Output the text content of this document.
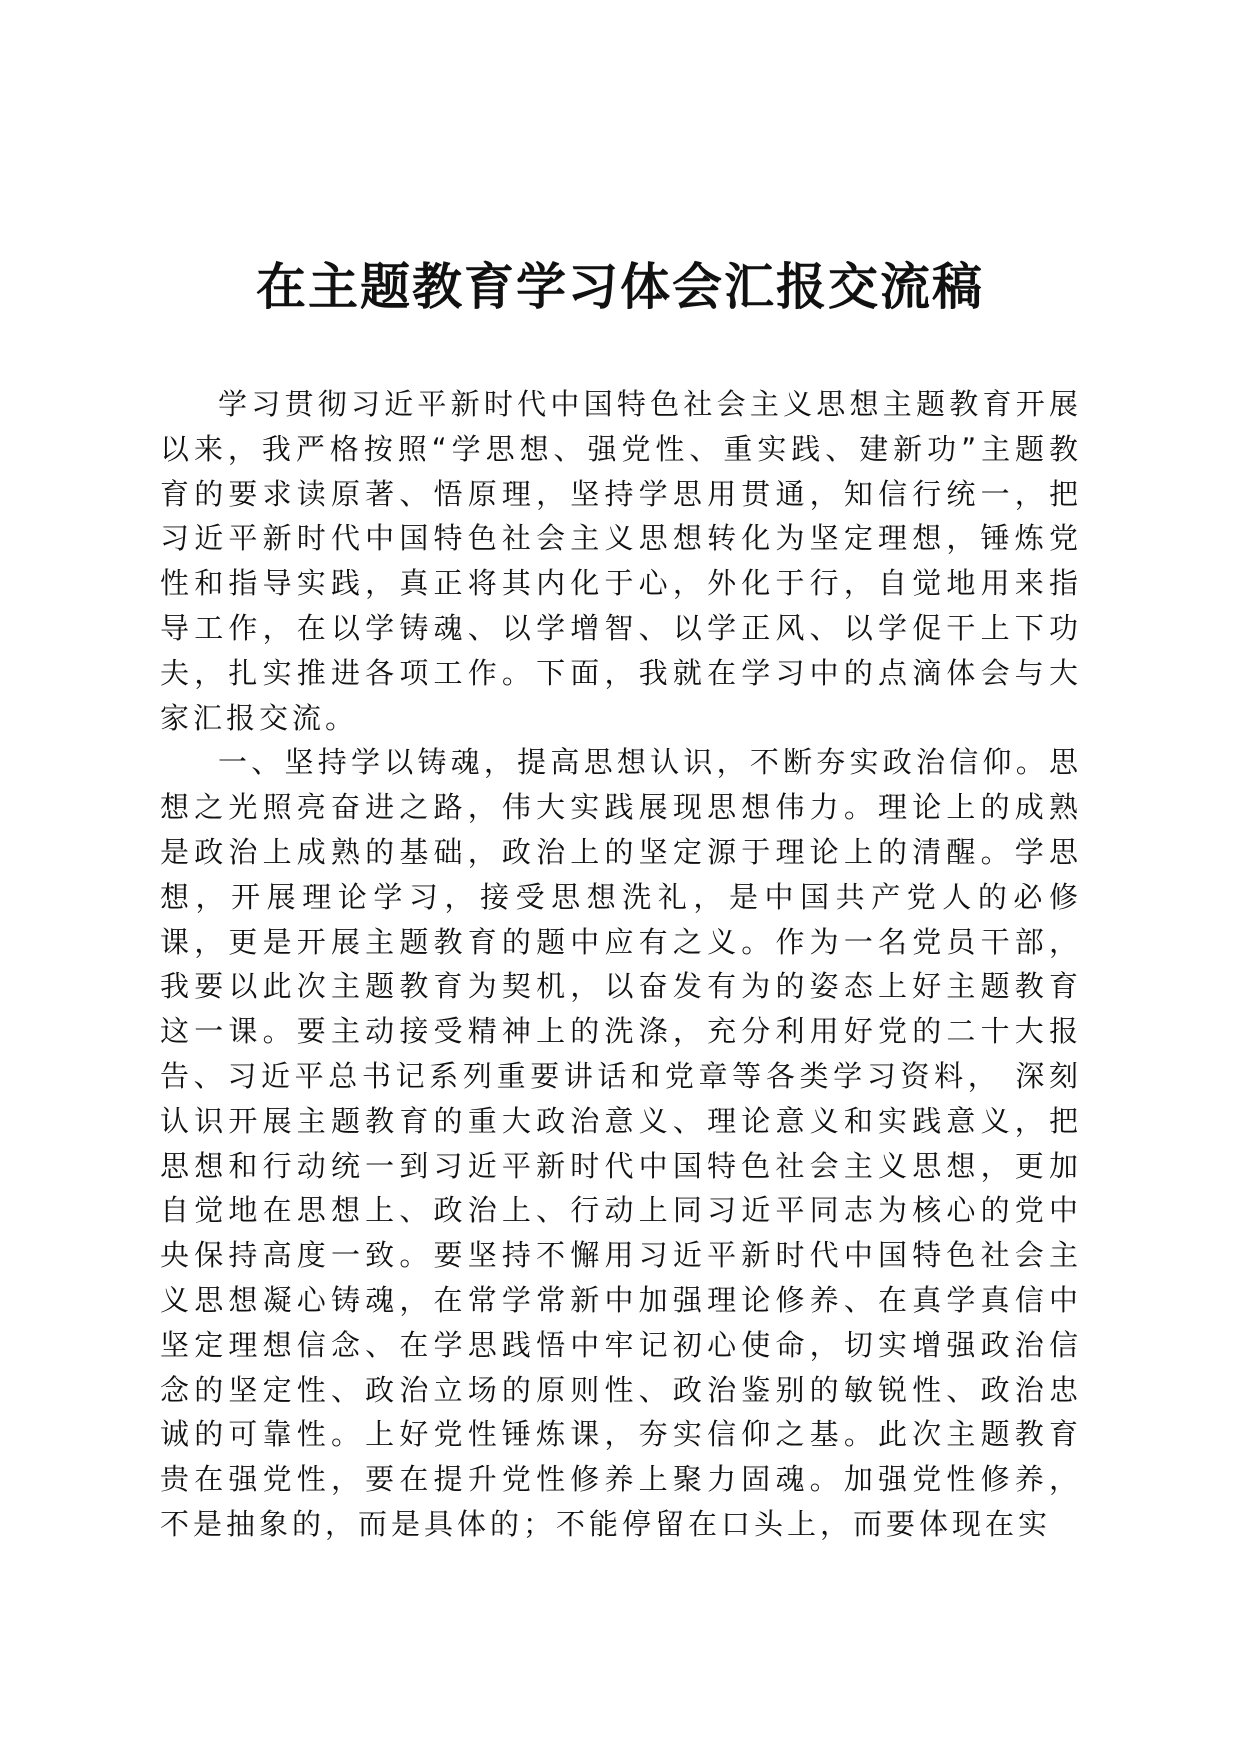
在主题教育学习体会汇报交流稿

学习贯彻习近平新时代中国特色社会主义思想主题教育开展以来，我严格按照“学思想、强党性、重实践、建新功”主题教育的要求读原著、悟原理，坚持学思用贯通，知信行统一，把习近平新时代中国特色社会主义思想转化为坚定理想，锤炼党性和指导实践，真正将其内化于心，外化于行，自觉地用来指导工作，在以学铸魂、以学增智、以学正风、以学促干上下功夫，扎实推进各项工作。下面，我就在学习中的点滴体会与大家汇报交流。

一、坚持学以铸魂，提高思想认识，不断夯实政治信仰。思想之光照亮奋进之路，伟大实践展现思想伟力。理论上的成熟是政治上成熟的基础，政治上的坚定源于理论上的清醒。学思想，开展理论学习，接受思想洗礼，是中国共产党人的必修课，更是开展主题教育的题中应有之义。作为一名党员干部，我要以此次主题教育为契机，以奋发有为的姿态上好主题教育这一课。要主动接受精神上的洗涤，充分利用好党的二十大报告、习近平总书记系列重要讲话和党章等各类学习资料， 深刻认识开展主题教育的重大政治意义、理论意义和实践意义，把思想和行动统一到习近平新时代中国特色社会主义思想，更加自觉地在思想上、政治上、行动上同习近平同志为核心的党中央保持高度一致。要坚持不懈用习近平新时代中国特色社会主义思想凝心铸魂，在常学常新中加强理论修养、在真学真信中坚定理想信念、在学思践悟中牢记初心使命，切实增强政治信念的坚定性、政治立场的原则性、政治鉴别的敏锐性、政治忠诚的可靠性。上好党性锤炼课，夯实信仰之基。此次主题教育贵在强党性，要在提升党性修养上聚力固魂。加强党性修养，不是抽象的，而是具体的；不能停留在口头上，而要体现在实
